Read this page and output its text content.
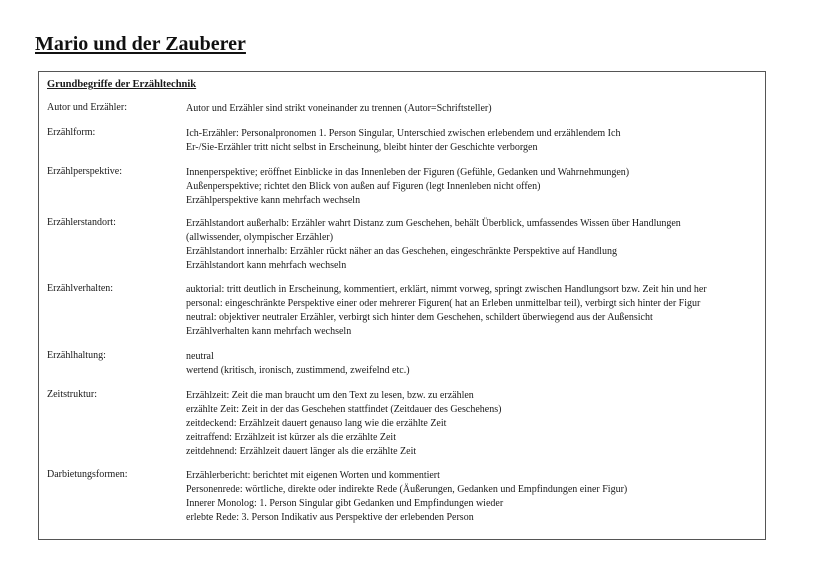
Mario und der Zauberer
Grundbegriffe der Erzähltechnik
Autor und Erzähler:	Autor und Erzähler sind strikt voneinander zu trennen (Autor=Schriftsteller)
Erzählform:	Ich-Erzähler: Personalpronomen 1. Person Singular, Unterschied zwischen erlebendem und erzählendem Ich
Er-/Sie-Erzähler tritt nicht selbst in Erscheinung, bleibt hinter der Geschichte verborgen
Erzählperspektive:	Innenperspektive; eröffnet Einblicke in das Innenleben der Figuren (Gefühle, Gedanken und Wahrnehmungen)
Außenperspektive; richtet den Blick von außen auf Figuren (legt Innenleben nicht offen)
Erzählperspektive kann mehrfach wechseln
Erzählerstandort:	Erzählstandort außerhalb: Erzähler wahrt Distanz zum Geschehen, behält Überblick, umfassendes Wissen über Handlungen
(allwissender, olympischer Erzähler)
Erzählstandort innerhalb: Erzähler rückt näher an das Geschehen, eingeschränkte Perspektive auf Handlung
Erzählstandort kann mehrfach wechseln
Erzählverhalten:	auktorial: tritt deutlich in Erscheinung, kommentiert, erklärt, nimmt vorweg, springt zwischen Handlungsort bzw. Zeit hin und her
personal: eingeschränkte Perspektive einer oder mehrerer Figuren( hat an Erleben unmittelbar teil), verbirgt sich hinter der Figur
neutral: objektiver neutraler Erzähler, verbirgt sich hinter dem Geschehen, schildert überwiegend aus der Außensicht
Erzählverhalten kann mehrfach wechseln
Erzählhaltung:	neutral
wertend (kritisch, ironisch, zustimmend, zweifelnd etc.)
Zeitstruktur:	Erzählzeit: Zeit die man braucht um den Text zu lesen, bzw. zu erzählen
erzählte Zeit: Zeit in der das Geschehen stattfindet (Zeitdauer des Geschehens)
zeitdeckend: Erzählzeit dauert genauso lang wie die erzählte Zeit
zeitraffend: Erzählzeit ist kürzer als die erzählte Zeit
zeitdehnend: Erzählzeit dauert länger als die erzählte Zeit
Darbietungsformen:	Erzählerbericht: berichtet mit eigenen Worten und kommentiert
Personenrede: wörtliche, direkte oder indirekte Rede (Äußerungen, Gedanken und Empfindungen einer Figur)
Innerer Monolog: 1. Person Singular gibt Gedanken und Empfindungen wieder
erlebte Rede: 3. Person Indikativ aus Perspektive der erlebenden Person
